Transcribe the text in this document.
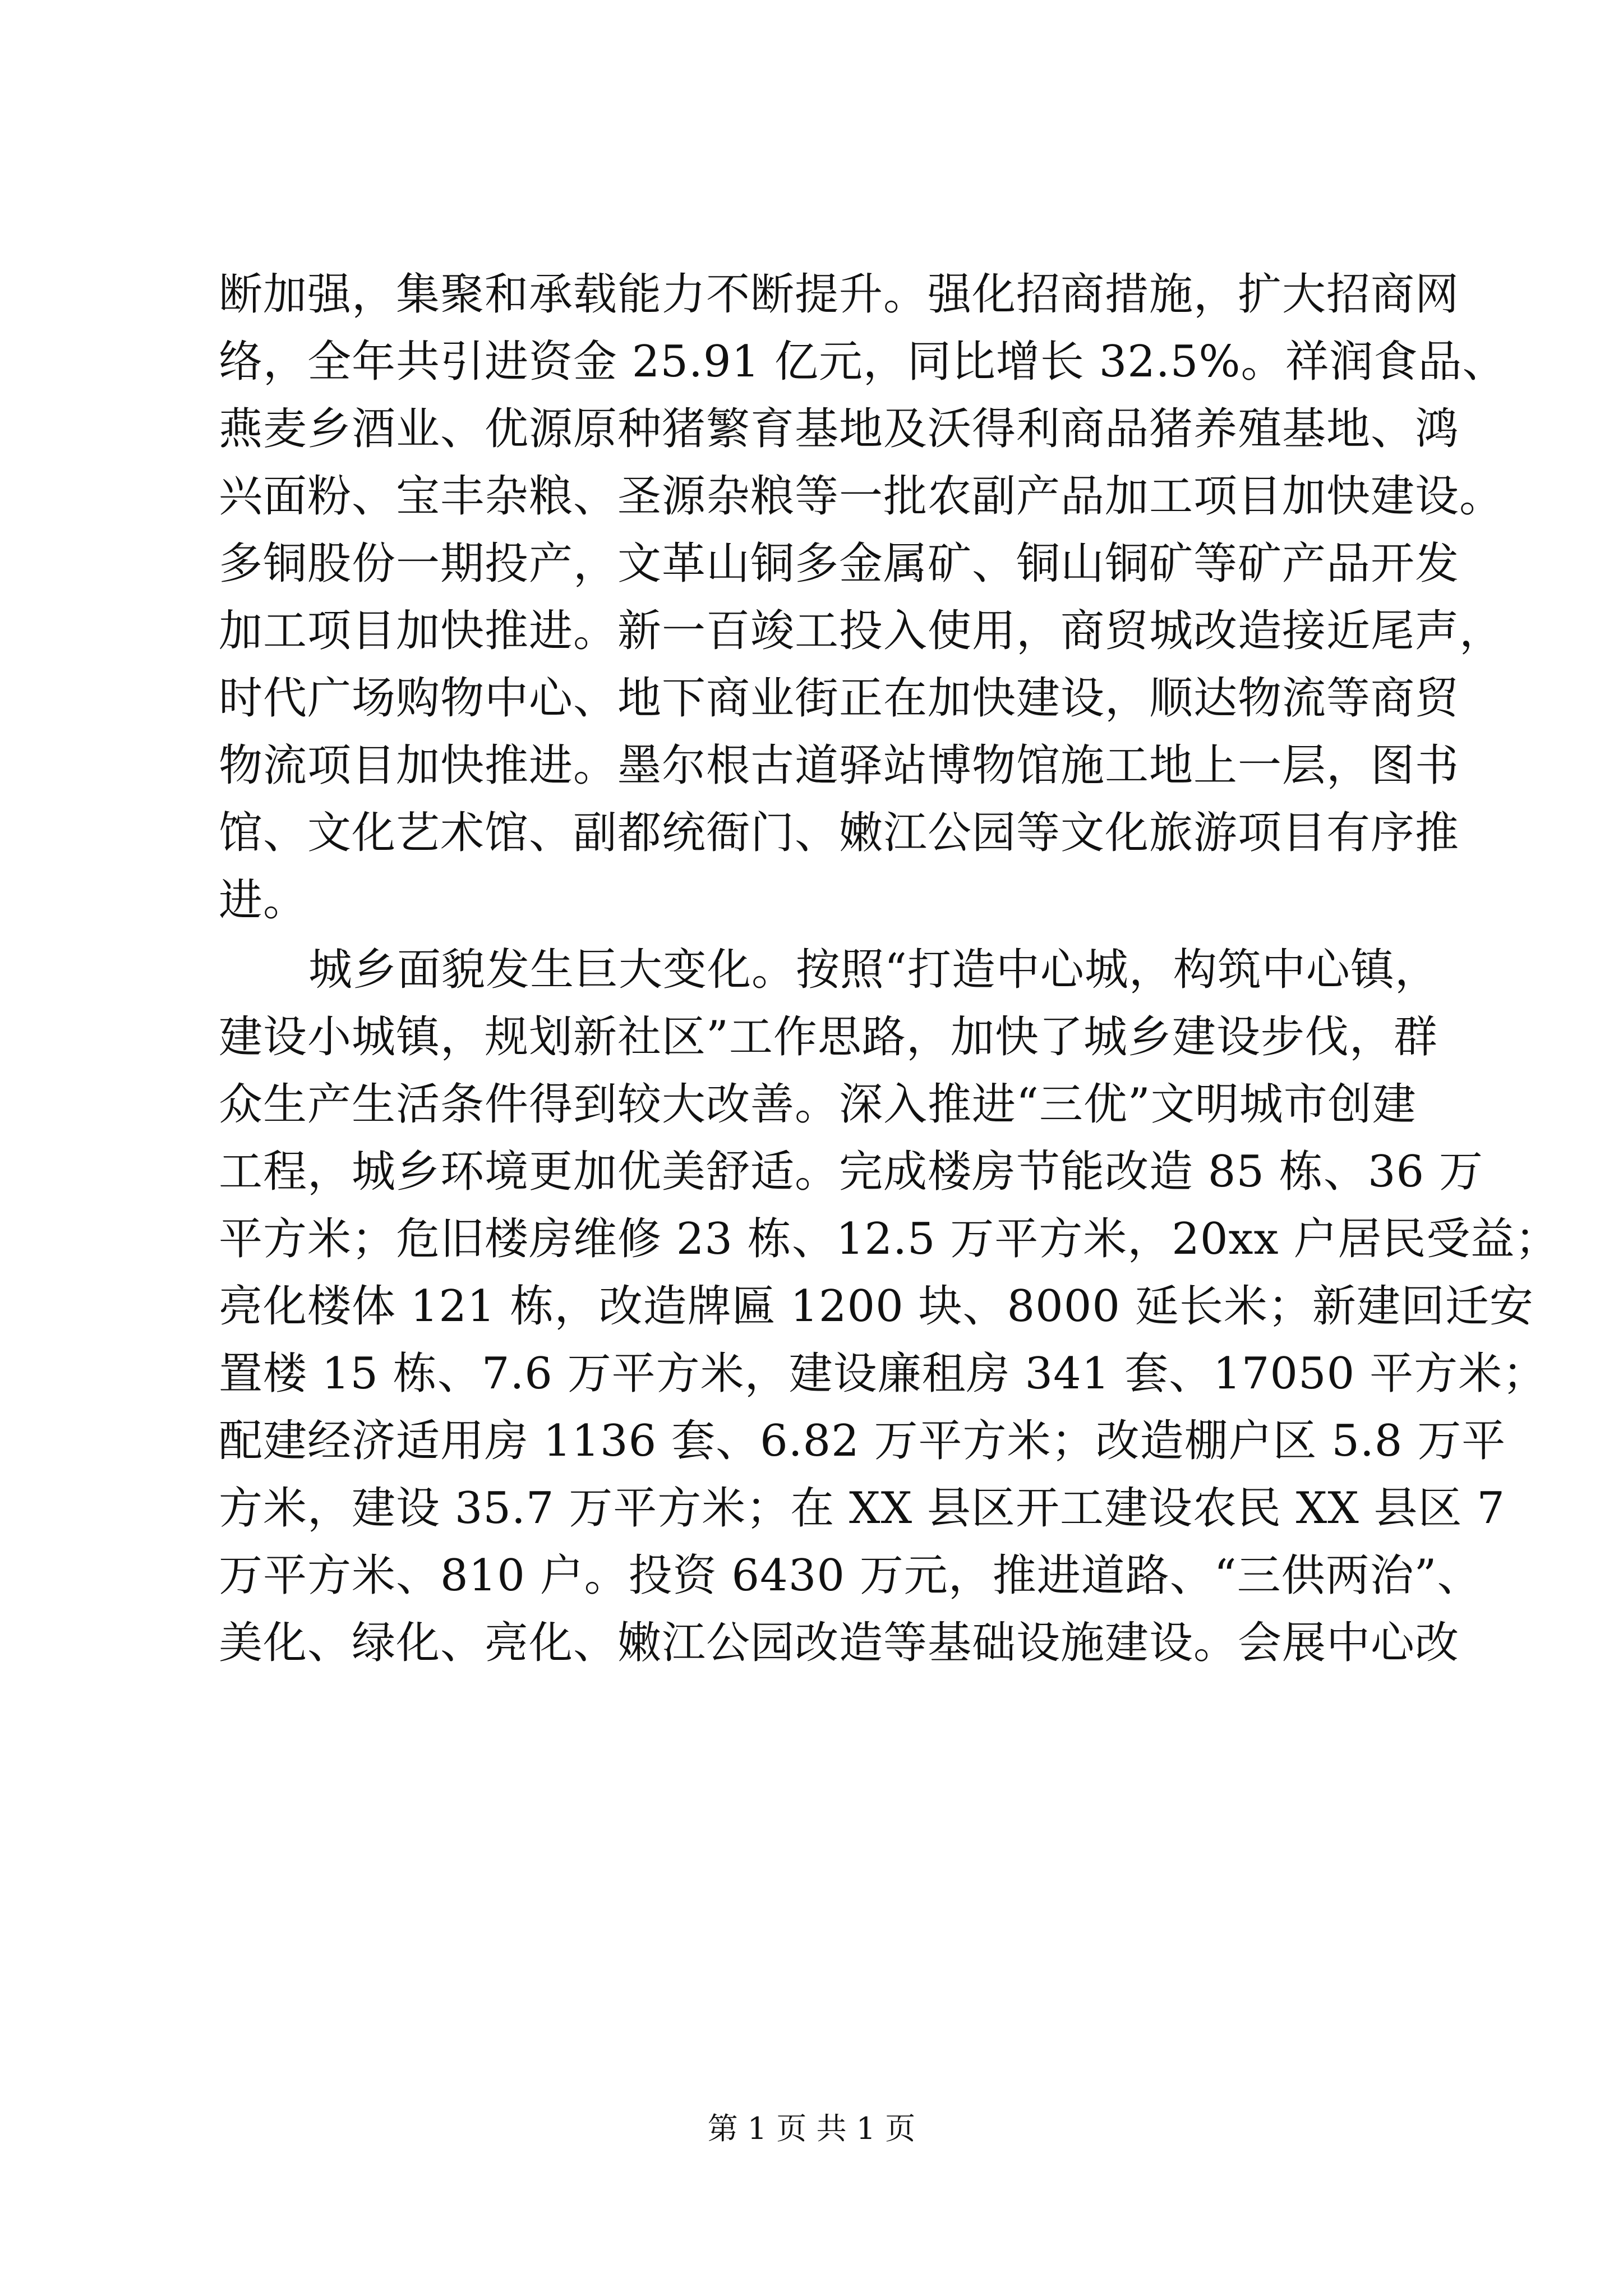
断加强，集聚和承载能力不断提升。强化招商措施，扩大招商网
络，全年共引进资金 25.91 亿元，同比增长 32.5%。祥润食品、
燕麦乡酒业、优源原种猪繁育基地及沃得利商品猪养殖基地、鸿
兴面粉、宝丰杂粮、圣源杂粮等一批农副产品加工项目加快建设。
多铜股份一期投产，文革山铜多金属矿、铜山铜矿等矿产品开发
加工项目加快推进。新一百竣工投入使用，商贸城改造接近尾声，
时代广场购物中心、地下商业街正在加快建设，顺达物流等商贸
物流项目加快推进。墨尔根古道驿站博物馆施工地上一层，图书
馆、文化艺术馆、副都统衙门、嫩江公园等文化旅游项目有序推
进。
城乡面貌发生巨大变化。按照“打造中心城，构筑中心镇，
建设小城镇，规划新社区”工作思路，加快了城乡建设步伐，群
众生产生活条件得到较大改善。深入推进“三优”文明城市创建
工程，城乡环境更加优美舒适。完成楼房节能改造 85 栋、36 万
平方米；危旧楼房维修 23 栋、12.5 万平方米，20xx 户居民受益；
亮化楼体 121 栋，改造牌匾 1200 块、8000 延长米；新建回迁安
置楼 15 栋、7.6 万平方米，建设廉租房 341 套、17050 平方米；
配建经济适用房 1136 套、6.82 万平方米；改造棚户区 5.8 万平
方米，建设 35.7 万平方米；在 XX 县区开工建设农民 XX 县区 7
万平方米、810 户。投资 6430 万元，推进道路、“三供两治”、
美化、绿化、亮化、嫩江公园改造等基础设施建设。会展中心改
第 1 页 共 1 页
